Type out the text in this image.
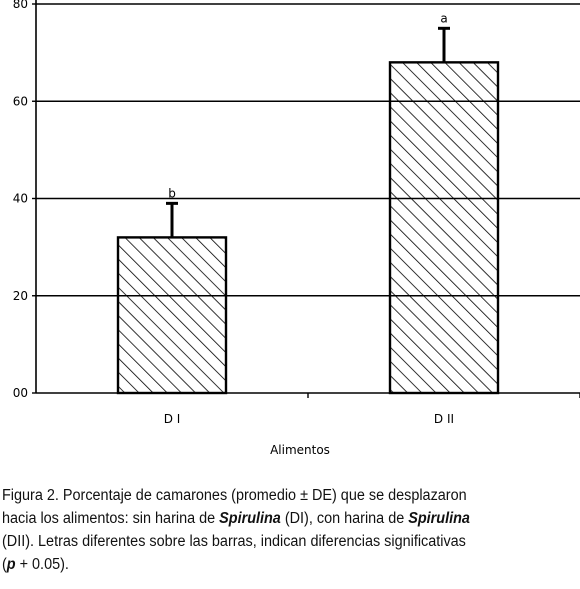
00
20
40
60
80
b
D I
a
D II
Alimentos

Figura 2. Porcentaje de camarones (promedio ± DE) que se desplazaron
hacia los alimentos: sin harina de Spirulina (DI), con harina de Spirulina
(DII). Letras diferentes sobre las barras, indican diferencias significativas
(p + 0.05).
